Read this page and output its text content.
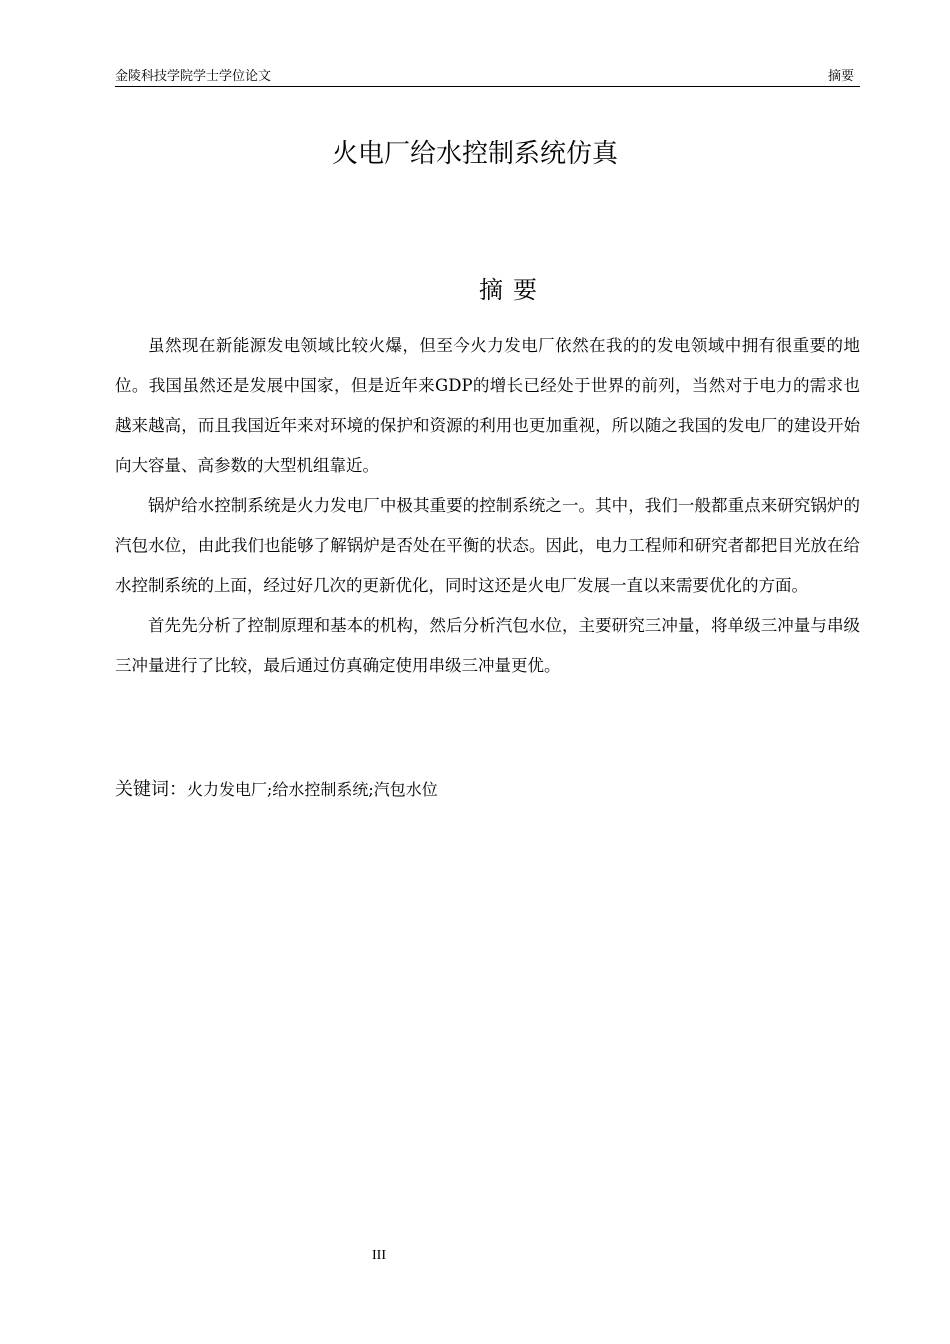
金陵科技学院学士学位论文	摘要
火电厂给水控制系统仿真
摘要

虽然现在新能源发电领域比较火爆，但至今火力发电厂依然在我的的发电领域中拥有很重要的地位。我国虽然还是发展中国家，但是近年来GDP的增长已经处于世界的前列，当然对于电力的需求也越来越高，而且我国近年来对环境的保护和资源的利用也更加重视，所以随之我国的发电厂的建设开始向大容量、高参数的大型机组靠近。

锅炉给水控制系统是火力发电厂中极其重要的控制系统之一。其中，我们一般都重点来研究锅炉的汽包水位，由此我们也能够了解锅炉是否处在平衡的状态。因此，电力工程师和研究者都把目光放在给水控制系统的上面，经过好几次的更新优化，同时这还是火电厂发展一直以来需要优化的方面。

首先先分析了控制原理和基本的机构，然后分析汽包水位，主要研究三冲量，将单级三冲量与串级三冲量进行了比较，最后通过仿真确定使用串级三冲量更优。

关键词：火力发电厂;给水控制系统;汽包水位
III
